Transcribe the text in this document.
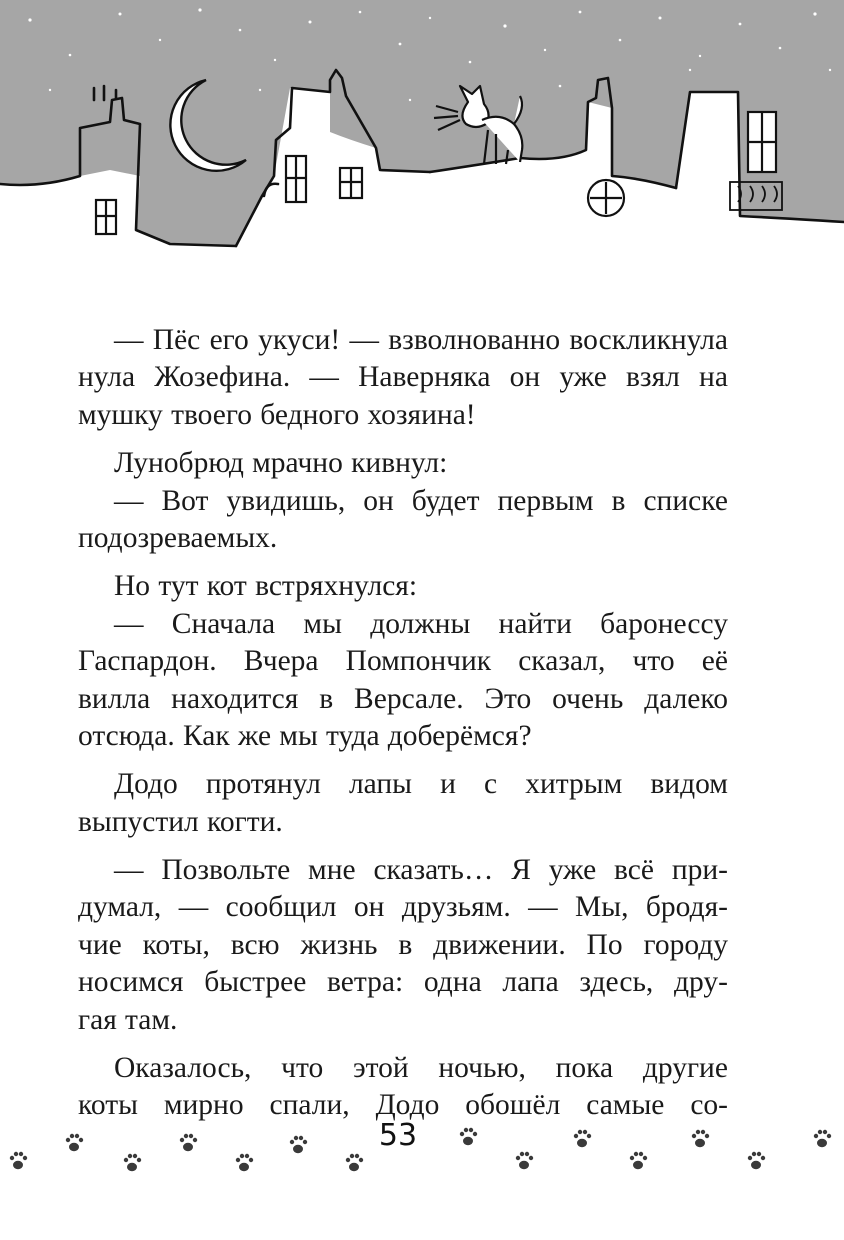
— Пёс его укуси! — взволнованно воскликнула
нула Жозефина. — Наверняка он уже взял на
мушку твоего бедного хозяина!
Лунобрюд мрачно кивнул:
— Вот увидишь, он будет первым в списке
подозреваемых.
Но тут кот встряхнулся:
— Сначала мы должны найти баронессу
Гаспардон. Вчера Помпончик сказал, что её
вилла находится в Версале. Это очень далеко
отсюда. Как же мы туда доберёмся?
Додо протянул лапы и с хитрым видом
выпустил когти.
— Позвольте мне сказать… Я уже всё при-
думал, — сообщил он друзьям. — Мы, бродя-
чие коты, всю жизнь в движении. По городу
носимся быстрее ветра: одна лапа здесь, дру-
гая там.
Оказалось, что этой ночью, пока другие
коты мирно спали, Додо обошёл самые со-
53
